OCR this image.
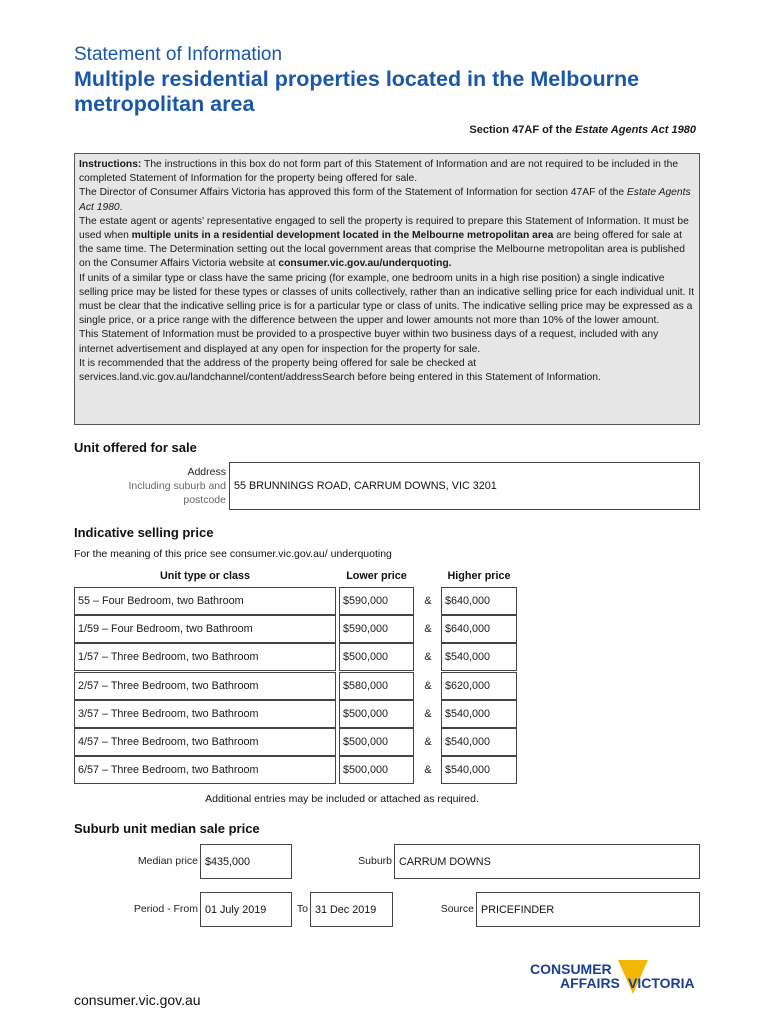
Statement of Information
Multiple residential properties located in the Melbourne metropolitan area
Section 47AF of the Estate Agents Act 1980

Instructions: The instructions in this box do not form part of this Statement of Information and are not required to be included in the completed Statement of Information for the property being offered for sale.

The Director of Consumer Affairs Victoria has approved this form of the Statement of Information for section 47AF of the Estate Agents Act 1980.

The estate agent or agents' representative engaged to sell the property is required to prepare this Statement of Information. It must be used when multiple units in a residential development located in the Melbourne metropolitan area are being offered for sale at the same time. The Determination setting out the local government areas that comprise the Melbourne metropolitan area is published on the Consumer Affairs Victoria website at consumer.vic.gov.au/underquoting.

If units of a similar type or class have the same pricing (for example, one bedroom units in a high rise position) a single indicative selling price may be listed for these types or classes of units collectively, rather than an indicative selling price for each individual unit. It must be clear that the indicative selling price is for a particular type or class of units. The indicative selling price may be expressed as a single price, or a price range with the difference between the upper and lower amounts not more than 10% of the lower amount.

This Statement of Information must be provided to a prospective buyer within two business days of a request, included with any internet advertisement and displayed at any open for inspection for the property for sale.

It is recommended that the address of the property being offered for sale be checked at services.land.vic.gov.au/landchannel/content/addressSearch before being entered in this Statement of Information.

Unit offered for sale
Address
Including suburb and
postcode
55 BRUNNINGS ROAD, CARRUM DOWNS, VIC 3201
Indicative selling price
For the meaning of this price see consumer.vic.gov.au/ underquoting
Unit type or class	Lower price	Higher price
55 – Four Bedroom, two Bathroom	$590,000	&	$640,000
1/59 – Four Bedroom, two Bathroom	$590,000	&	$640,000
1/57 – Three Bedroom, two Bathroom	$500,000	&	$540,000
2/57 – Three Bedroom, two Bathroom	$580,000	&	$620,000
3/57 – Three Bedroom, two Bathroom	$500,000	&	$540,000
4/57 – Three Bedroom, two Bathroom	$500,000	&	$540,000
6/57 – Three Bedroom, two Bathroom	$500,000	&	$540,000
Additional entries may be included or attached as required.
Suburb unit median sale price
Median price $435,000	Suburb CARRUM DOWNS
Period - From 01 July 2019	To 31 Dec 2019	Source PRICEFINDER
CONSUMER
AFFAIRS VICTORIA
consumer.vic.gov.au
